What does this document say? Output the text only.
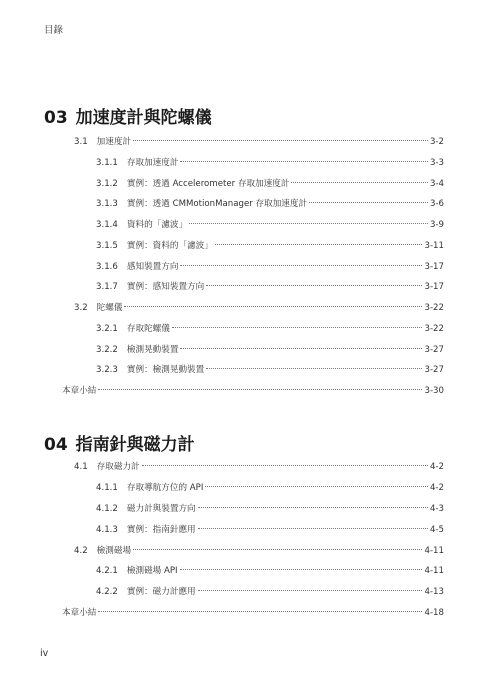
目錄
03 加速度計與陀螺儀
3.1 加速度計	3-2
3.1.1 存取加速度計	3-3
3.1.2 實例：透過 Accelerometer 存取加速度計	3-4
3.1.3 實例：透過 CMMotionManager 存取加速度計	3-6
3.1.4 資料的「濾波」	3-9
3.1.5 實例：資料的「濾波」	3-11
3.1.6 感知裝置方向	3-17
3.1.7 實例：感知裝置方向	3-17
3.2 陀螺儀	3-22
3.2.1 存取陀螺儀	3-22
3.2.2 檢測晃動裝置	3-27
3.2.3 實例：檢測晃動裝置	3-27
本章小結	3-30
04 指南針與磁力計
4.1 存取磁力計	4-2
4.1.1 存取導航方位的 API	4-2
4.1.2 磁力計與裝置方向	4-3
4.1.3 實例：指南針應用	4-5
4.2 檢測磁場	4-11
4.2.1 檢測磁場 API	4-11
4.2.2 實例：磁力計應用	4-13
本章小結	4-18
iv
